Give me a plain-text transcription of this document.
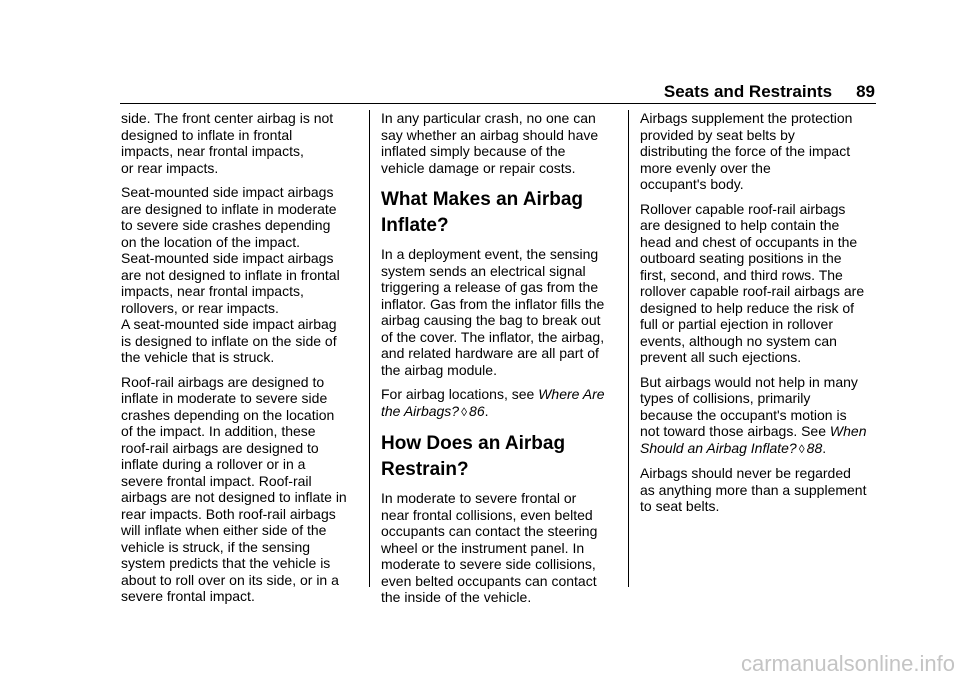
Seats and Restraints 89

side. The front center airbag is not
designed to inflate in frontal
impacts, near frontal impacts,
or rear impacts.

Seat-mounted side impact airbags
are designed to inflate in moderate
to severe side crashes depending
on the location of the impact.
Seat-mounted side impact airbags
are not designed to inflate in frontal
impacts, near frontal impacts,
rollovers, or rear impacts.

A seat-mounted side impact airbag
is designed to inflate on the side of
the vehicle that is struck.

Roof-rail airbags are designed to
inflate in moderate to severe side
crashes depending on the location
of the impact. In addition, these
roof-rail airbags are designed to
inflate during a rollover or in a
severe frontal impact. Roof-rail
airbags are not designed to inflate in
rear impacts. Both roof-rail airbags
will inflate when either side of the
vehicle is struck, if the sensing
system predicts that the vehicle is
about to roll over on its side, or in a
severe frontal impact.

In any particular crash, no one can
say whether an airbag should have
inflated simply because of the
vehicle damage or repair costs.

What Makes an Airbag
Inflate?

In a deployment event, the sensing
system sends an electrical signal
triggering a release of gas from the
inflator. Gas from the inflator fills the
airbag causing the bag to break out
of the cover. The inflator, the airbag,
and related hardware are all part of
the airbag module.

For airbag locations, see Where Are
the Airbags? ◊ 86.

How Does an Airbag
Restrain?

In moderate to severe frontal or
near frontal collisions, even belted
occupants can contact the steering
wheel or the instrument panel. In
moderate to severe side collisions,
even belted occupants can contact
the inside of the vehicle.

Airbags supplement the protection
provided by seat belts by
distributing the force of the impact
more evenly over the
occupant's body.

Rollover capable roof-rail airbags
are designed to help contain the
head and chest of occupants in the
outboard seating positions in the
first, second, and third rows. The
rollover capable roof-rail airbags are
designed to help reduce the risk of
full or partial ejection in rollover
events, although no system can
prevent all such ejections.

But airbags would not help in many
types of collisions, primarily
because the occupant's motion is
not toward those airbags. See When
Should an Airbag Inflate? ◊ 88.

Airbags should never be regarded
as anything more than a supplement
to seat belts.

carmanualsonline.info
